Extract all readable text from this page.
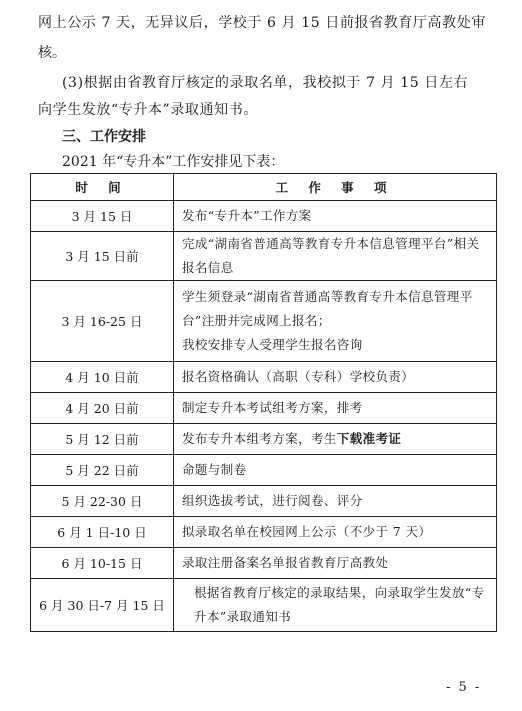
网上公示 7 天，无异议后，学校于 6 月 15 日前报省教育厅高教处审
核。
(3)根据由省教育厅核定的录取名单，我校拟于 7 月 15 日左右
向学生发放“专升本”录取通知书。
三、工作安排
2021 年“专升本”工作安排见下表：
时 间	工 作 事 项
3 月 15 日	发布“专升本”工作方案
3 月 15 日前	完成“湖南省普通高等教育专升本信息管理平台”相关报名信息
3 月 16-25 日	学生须登录“湖南省普通高等教育专升本信息管理平台”注册并完成网上报名；
我校安排专人受理学生报名咨询

4 月 10 日前	报名资格确认（高职（专科）学校负责）
4 月 20 日前	制定专升本考试组考方案，排考
5 月 12 日前	发布专升本组考方案，考生下载准考证
5 月 22 日前	命题与制卷
5 月 22-30 日	组织选拔考试，进行阅卷、评分
6 月 1 日-10 日	拟录取名单在校园网上公示（不少于 7 天）
6 月 10-15 日	录取注册备案名单报省教育厅高教处
6 月 30 日-7 月 15 日	根据省教育厅核定的录取结果，向录取学生发放“专升本”录取通知书
- 5 -
